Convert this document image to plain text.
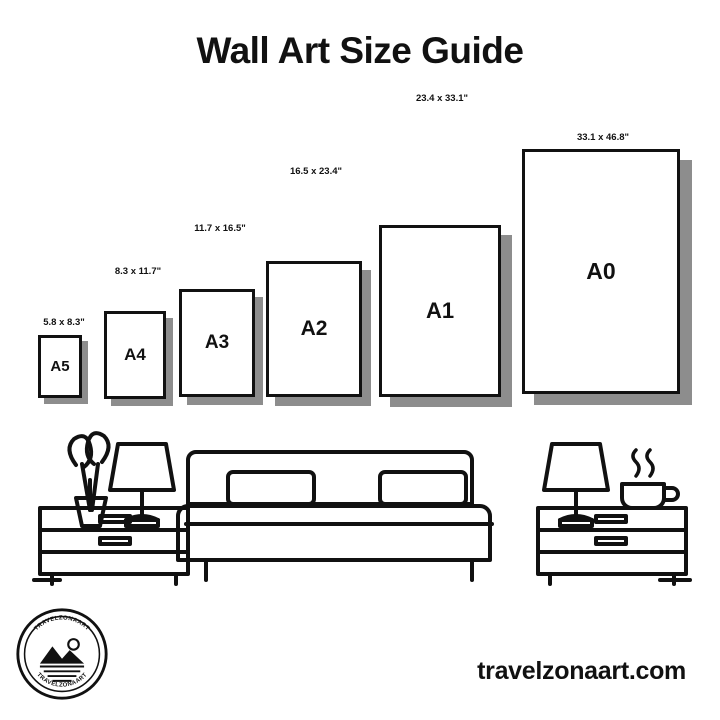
Wall Art Size Guide
5.8 x 8.3"
A5
8.3 x 11.7"
A4
11.7 x 16.5"
A3
16.5 x 23.4"
A2
23.4 x 33.1"
A1
33.1 x 46.8"
A0
travelzonaart.com
TRAVELZONAART
TRAVELZONAART
